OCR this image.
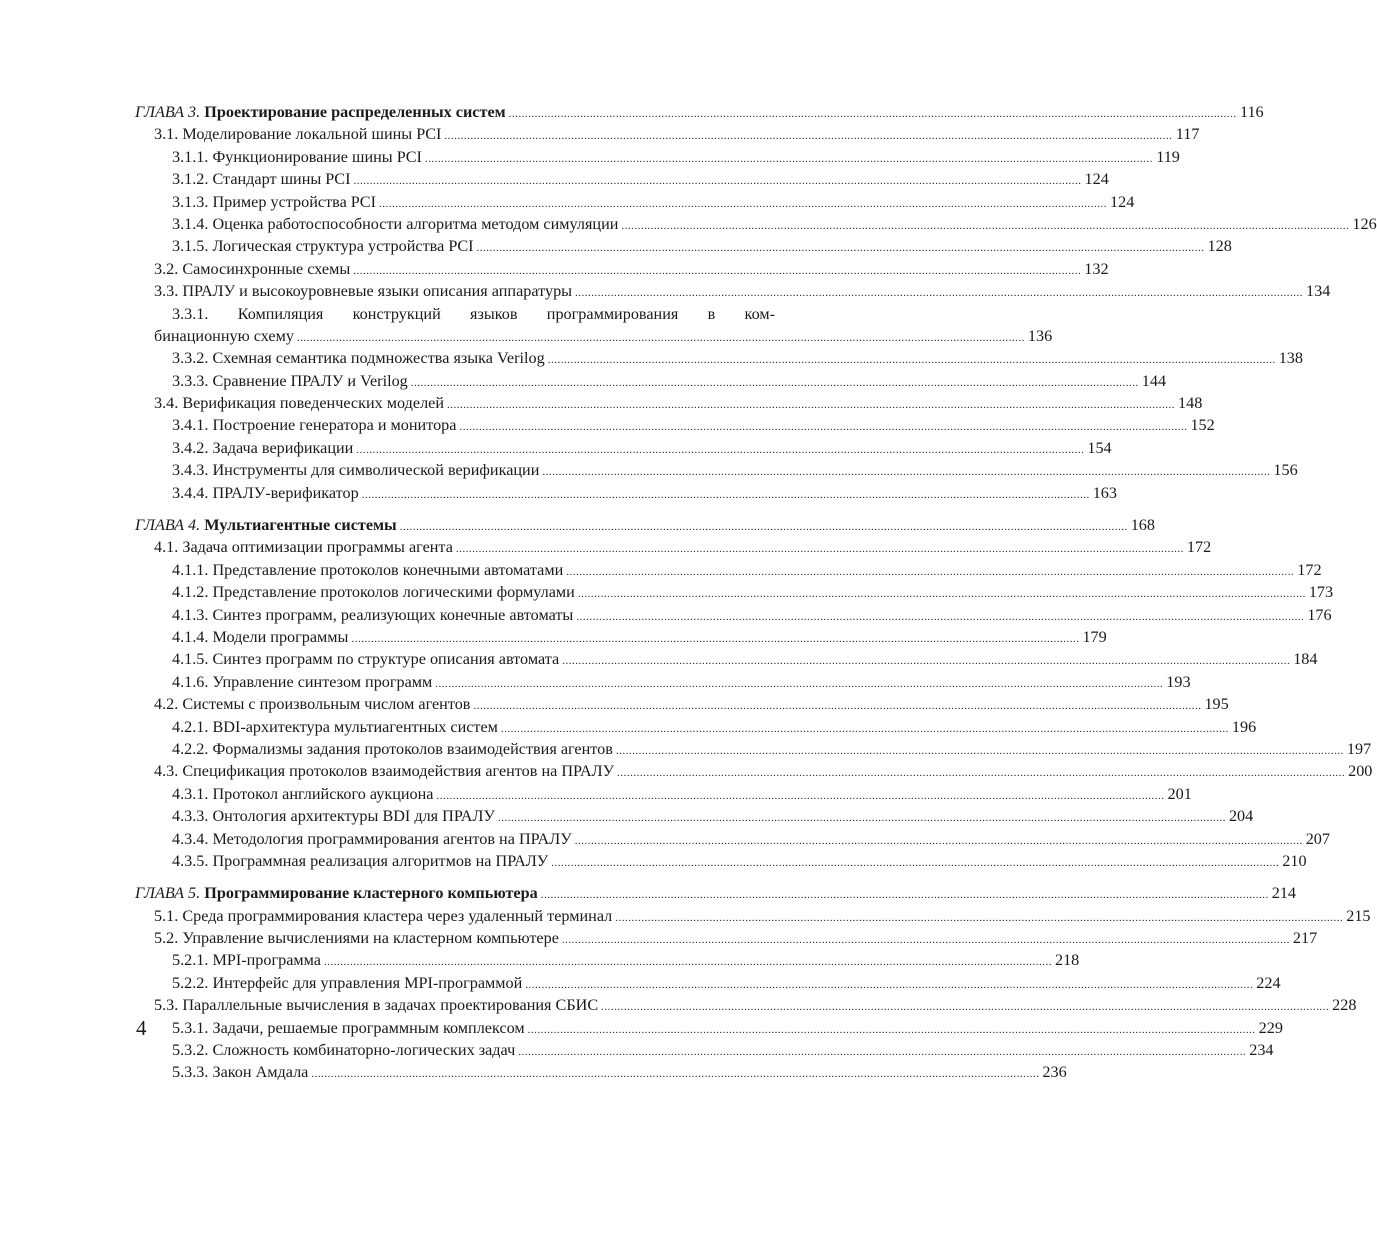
ГЛАВА 3. Проектирование распределенных систем .....	116
3.1. Моделирование локальной шины PCI .....	117
3.1.1. Функционирование шины PCI .....	119
3.1.2. Стандарт шины PCI .....	124
3.1.3. Пример устройства PCI .....	124
3.1.4. Оценка работоспособности алгоритма методом симуляции .....	126
3.1.5. Логическая структура устройства PCI .....	128
3.2. Самосинхронные схемы .....	132
3.3. ПРАЛУ и высокоуровневые языки описания аппаратуры .....	134
3.3.1. Компиляция конструкций языков программирования в ком-
бинационную схему .....	136
3.3.2. Схемная семантика подмножества языка Verilog .....	138
3.3.3. Сравнение ПРАЛУ и Verilog .....	144
3.4. Верификация поведенческих моделей .....	148
3.4.1. Построение генератора и монитора .....	152
3.4.2. Задача верификации .....	154
3.4.3. Инструменты для символической верификации .....	156
3.4.4. ПРАЛУ-верификатор .....	163
ГЛАВА 4. Мультиагентные системы .....	168
4.1. Задача оптимизации программы агента .....	172
4.1.1. Представление протоколов конечными автоматами .....	172
4.1.2. Представление протоколов логическими формулами .....	173
4.1.3. Синтез программ, реализующих конечные автоматы .....	176
4.1.4. Модели программы .....	179
4.1.5. Синтез программ по структуре описания автомата .....	184
4.1.6. Управление синтезом программ .....	193
4.2. Системы с произвольным числом агентов .....	195
4.2.1. BDI-архитектура мультиагентных систем .....	196
4.2.2. Формализмы задания протоколов взаимодействия агентов .....	197
4.3. Спецификация протоколов взаимодействия агентов на ПРАЛУ .....	200
4.3.1. Протокол английского аукциона .....	201
4.3.3. Онтология архитектуры BDI для ПРАЛУ .....	204
4.3.4. Методология программирования агентов на ПРАЛУ .....	207
4.3.5. Программная реализация алгоритмов на ПРАЛУ .....	210
ГЛАВА 5. Программирование кластерного компьютера .....	214
5.1. Среда программирования кластера через удаленный терминал .....	215
5.2. Управление вычислениями на кластерном компьютере .....	217
5.2.1. MPI-программа .....	218
5.2.2. Интерфейс для управления MPI-программой .....	224
5.3. Параллельные вычисления в задачах проектирования СБИС .....	228
5.3.1. Задачи, решаемые программным комплексом .....	229
5.3.2. Сложность комбинаторно-логических задач .....	234
5.3.3. Закон Амдала .....	236
4
